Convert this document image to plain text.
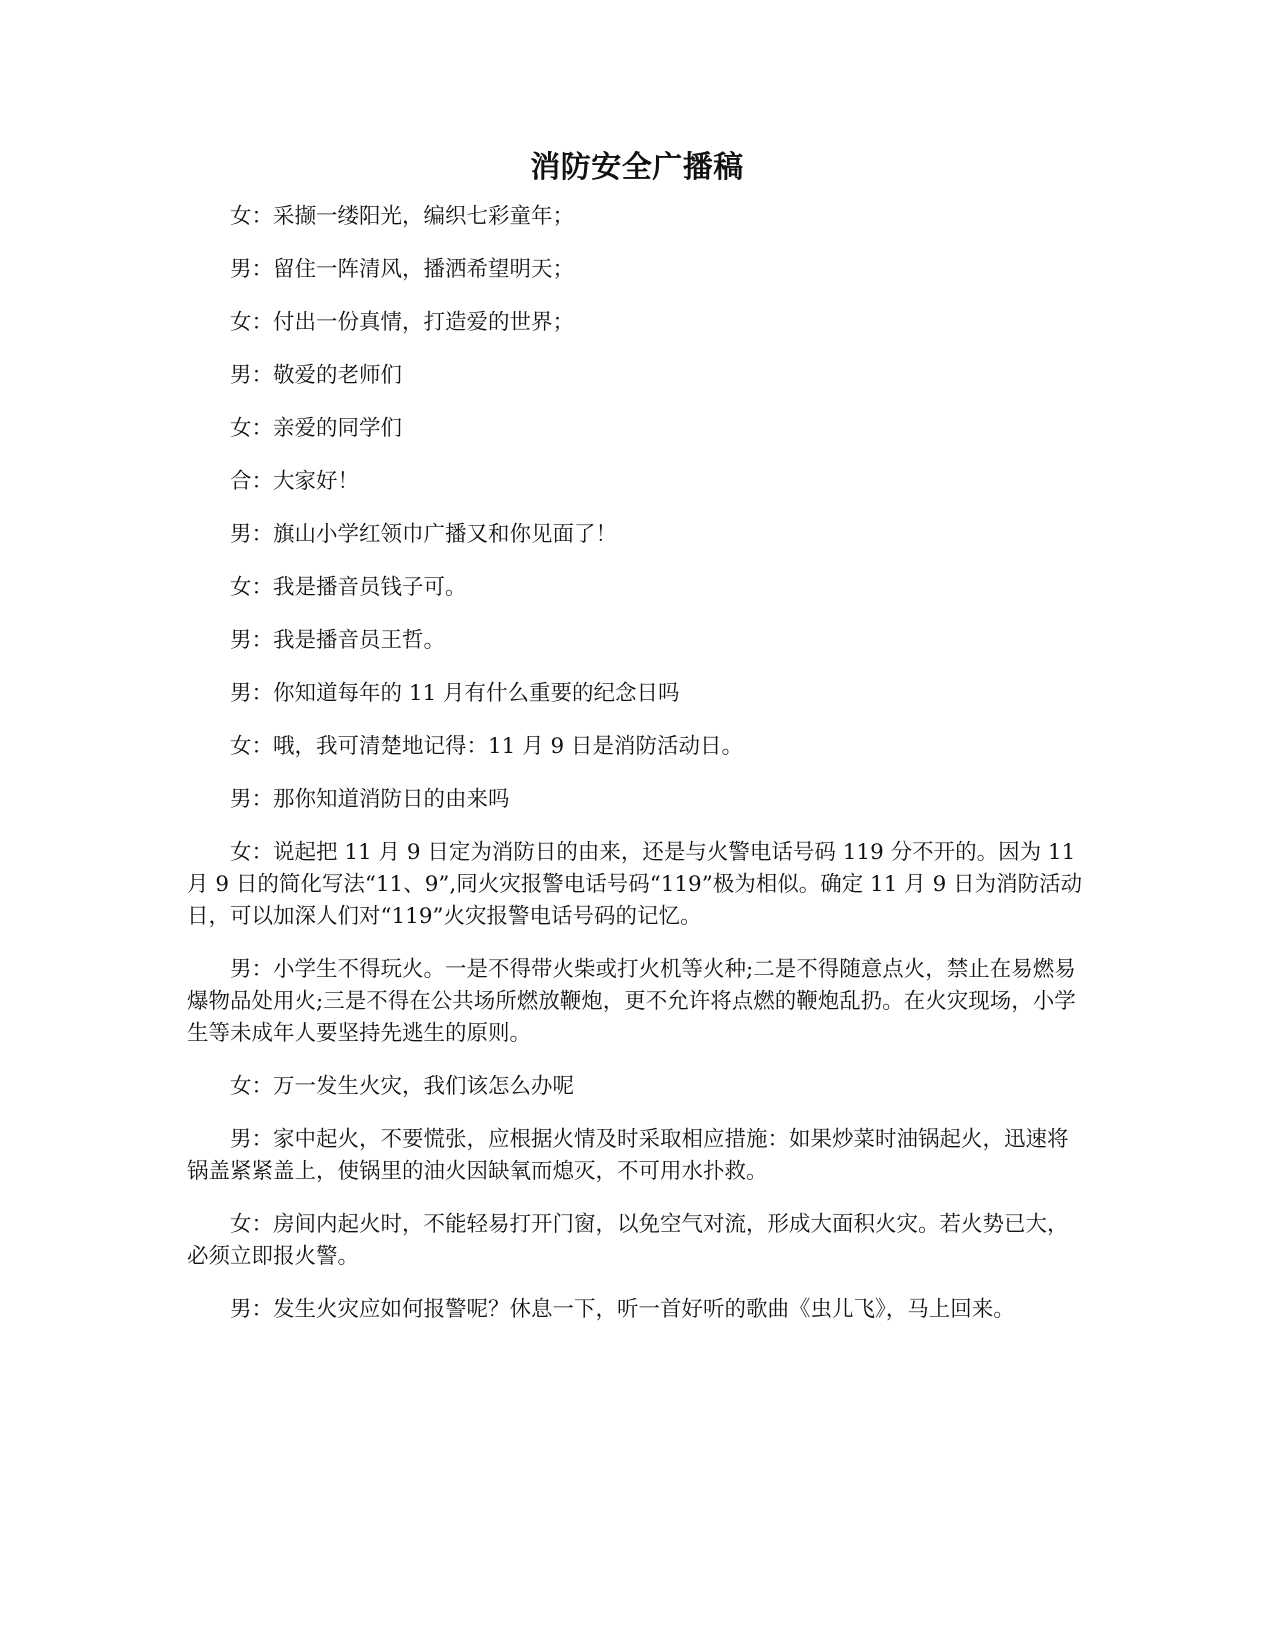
消防安全广播稿

女：采撷一缕阳光，编织七彩童年；

男：留住一阵清风，播洒希望明天；

女：付出一份真情，打造爱的世界；

男：敬爱的老师们

女：亲爱的同学们

合：大家好！

男：旗山小学红领巾广播又和你见面了！

女：我是播音员钱子可。

男：我是播音员王哲。

男：你知道每年的 11 月有什么重要的纪念日吗

女：哦，我可清楚地记得：11 月 9 日是消防活动日。

男：那你知道消防日的由来吗

女：说起把 11 月 9 日定为消防日的由来，还是与火警电话号码 119 分不开的。因为 11 月 9 日的简化写法“11、9”,同火灾报警电话号码“119”极为相似。确定 11 月 9 日为消防活动日，可以加深人们对“119”火灾报警电话号码的记忆。

男：小学生不得玩火。一是不得带火柴或打火机等火种;二是不得随意点火，禁止在易燃易爆物品处用火;三是不得在公共场所燃放鞭炮，更不允许将点燃的鞭炮乱扔。在火灾现场，小学生等未成年人要坚持先逃生的原则。

女：万一发生火灾，我们该怎么办呢

男：家中起火，不要慌张，应根据火情及时采取相应措施：如果炒菜时油锅起火，迅速将锅盖紧紧盖上，使锅里的油火因缺氧而熄灭，不可用水扑救。

女：房间内起火时，不能轻易打开门窗，以免空气对流，形成大面积火灾。若火势已大，必须立即报火警。

男：发生火灾应如何报警呢？休息一下，听一首好听的歌曲《虫儿飞》，马上回来。
